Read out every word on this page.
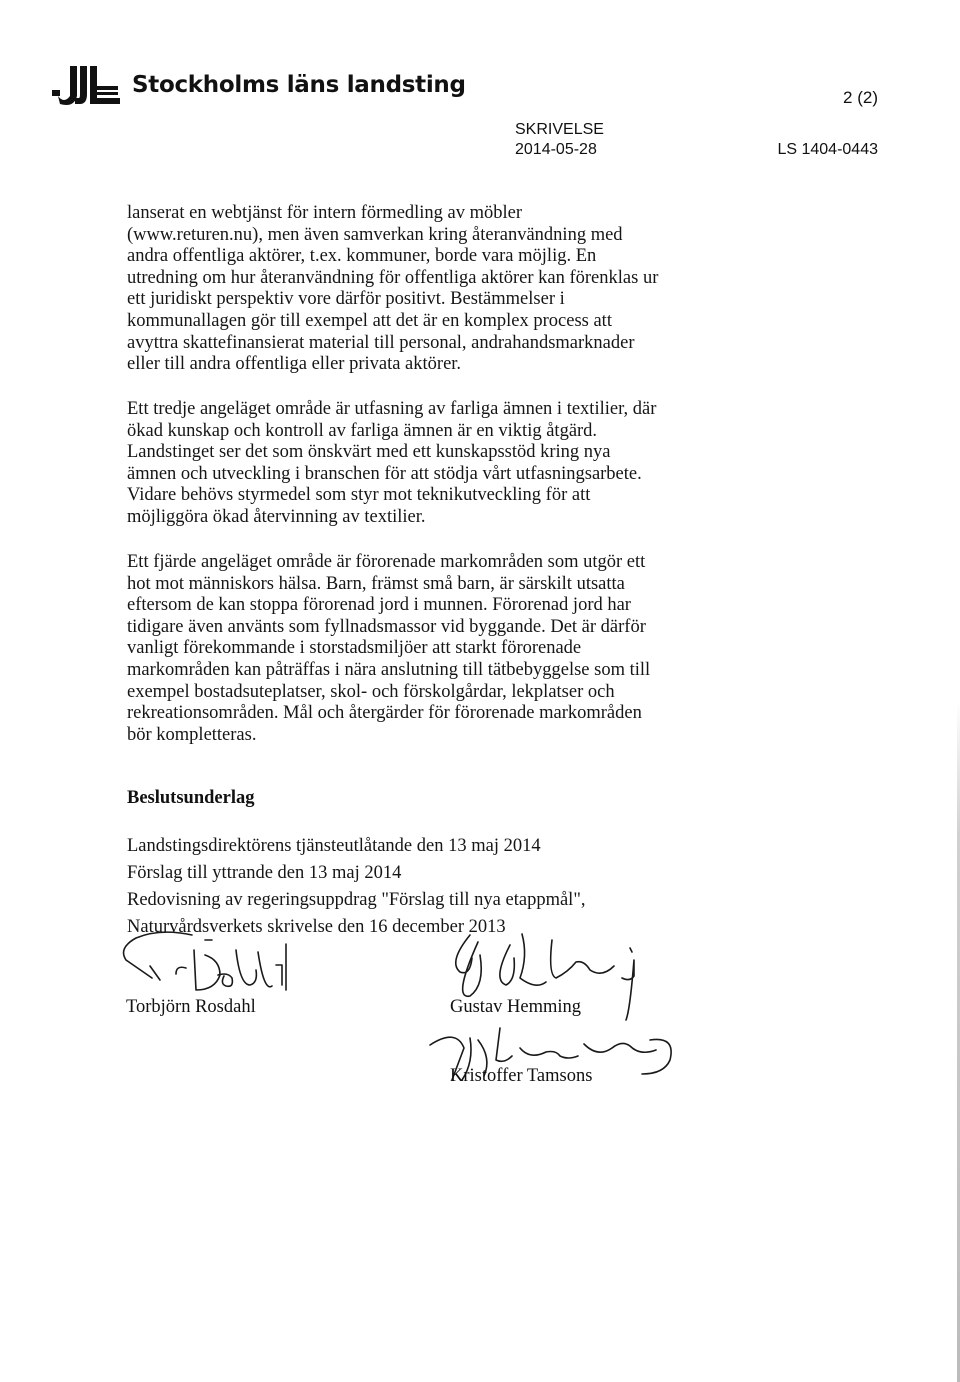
Stockholms läns landsting	2 (2)
SKRIVELSE
2014-05-28	LS 1404-0443
lanserat en webtjänst för intern förmedling av möbler
(www.returen.nu), men även samverkan kring återanvändning med
andra offentliga aktörer, t.ex. kommuner, borde vara möjlig. En
utredning om hur återanvändning för offentliga aktörer kan förenklas ur
ett juridiskt perspektiv vore därför positivt. Bestämmelser i
kommunallagen gör till exempel att det är en komplex process att
avyttra skattefinansierat material till personal, andrahandsmarknader
eller till andra offentliga eller privata aktörer.
Ett tredje angeläget område är utfasning av farliga ämnen i textilier, där
ökad kunskap och kontroll av farliga ämnen är en viktig åtgärd.
Landstinget ser det som önskvärt med ett kunskapsstöd kring nya
ämnen och utveckling i branschen för att stödja vårt utfasningsarbete.
Vidare behövs styrmedel som styr mot teknikutveckling för att
möjliggöra ökad återvinning av textilier.
Ett fjärde angeläget område är förorenade markområden som utgör ett
hot mot människors hälsa. Barn, främst små barn, är särskilt utsatta
eftersom de kan stoppa förorenad jord i munnen. Förorenad jord har
tidigare även använts som fyllnadsmassor vid byggande. Det är därför
vanligt förekommande i storstadsmiljöer att starkt förorenade
markområden kan påträffas i nära anslutning till tätbebyggelse som till
exempel bostadsuteplatser, skol- och förskolgårdar, lekplatser och
rekreationsområden. Mål och återgärder för förorenade markområden
bör kompletteras.
Beslutsunderlag
Landstingsdirektörens tjänsteutlåtande den 13 maj 2014
Förslag till yttrande den 13 maj 2014
Redovisning av regeringsuppdrag "Förslag till nya etappmål",
Naturvårdsverkets skrivelse den 16 december 2013
Torbjörn Rosdahl	Gustav Hemming
Kristoffer Tamsons
